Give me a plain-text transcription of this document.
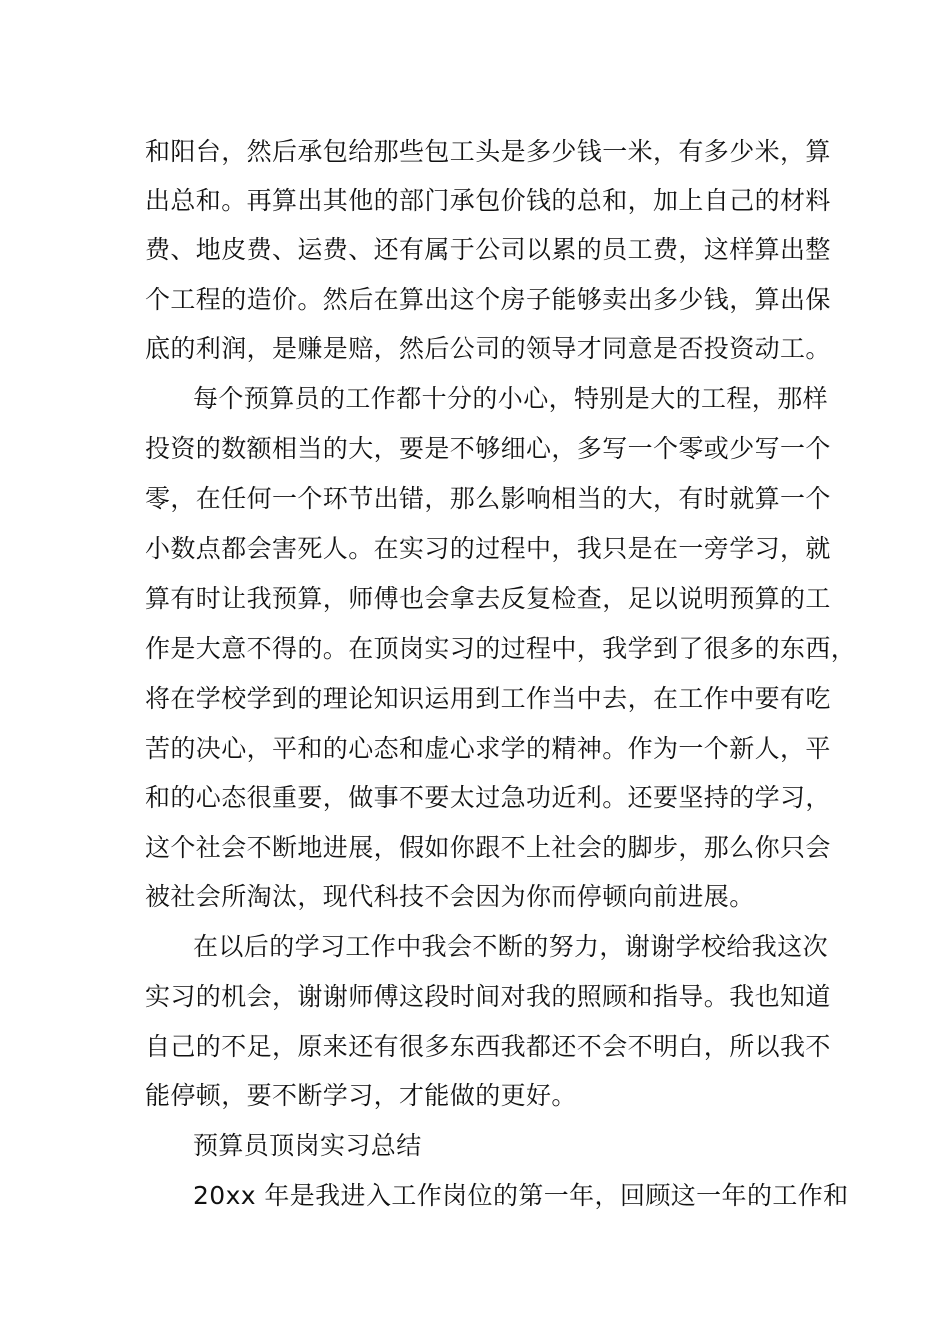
和阳台，然后承包给那些包工头是多少钱一米，有多少米，算
出总和。再算出其他的部门承包价钱的总和，加上自己的材料
费、地皮费、运费、还有属于公司以累的员工费，这样算出整
个工程的造价。然后在算出这个房子能够卖出多少钱，算出保
底的利润，是赚是赔，然后公司的领导才同意是否投资动工。
每个预算员的工作都十分的小心，特别是大的工程，那样
投资的数额相当的大，要是不够细心，多写一个零或少写一个
零，在任何一个环节出错，那么影响相当的大，有时就算一个
小数点都会害死人。在实习的过程中，我只是在一旁学习，就
算有时让我预算，师傅也会拿去反复检查，足以说明预算的工
作是大意不得的。在顶岗实习的过程中，我学到了很多的东西，
将在学校学到的理论知识运用到工作当中去，在工作中要有吃
苦的决心，平和的心态和虚心求学的精神。作为一个新人，平
和的心态很重要，做事不要太过急功近利。还要坚持的学习，
这个社会不断地进展，假如你跟不上社会的脚步，那么你只会
被社会所淘汰，现代科技不会因为你而停顿向前进展。
在以后的学习工作中我会不断的努力，谢谢学校给我这次
实习的机会，谢谢师傅这段时间对我的照顾和指导。我也知道
自己的不足，原来还有很多东西我都还不会不明白，所以我不
能停顿，要不断学习，才能做的更好。
预算员顶岗实习总结
20xx 年是我进入工作岗位的第一年，回顾这一年的工作和
